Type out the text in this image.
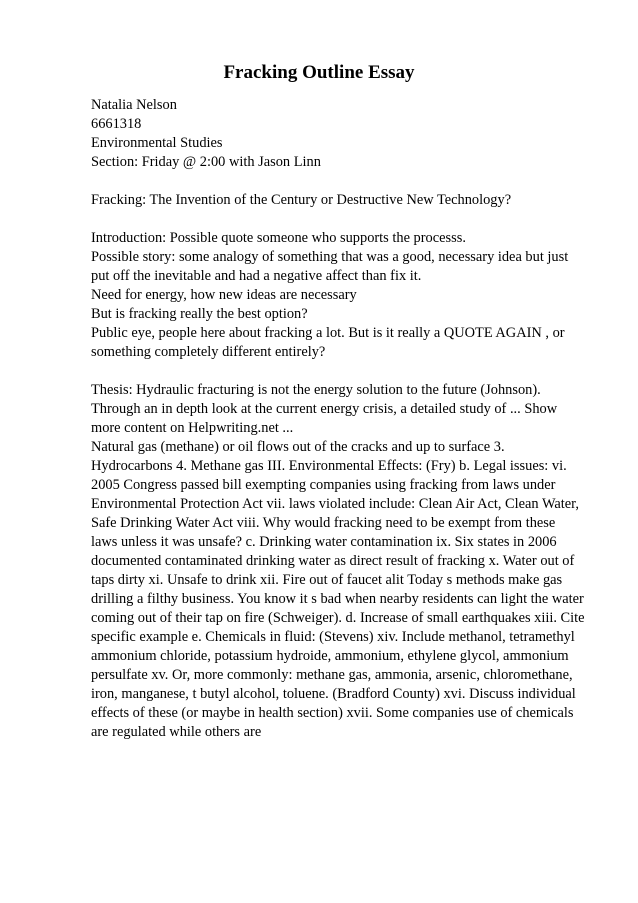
Fracking Outline Essay
Natalia Nelson
6661318
Environmental Studies
Section: Friday @ 2:00 with Jason Linn
Fracking: The Invention of the Century or Destructive New Technology?
Introduction: Possible quote someone who supports the processs.
Possible story: some analogy of something that was a good, necessary idea but just
put off the inevitable and had a negative affect than fix it.
Need for energy, how new ideas are necessary
But is fracking really the best option?
Public eye, people here about fracking a lot. But is it really a QUOTE AGAIN , or
something completely different entirely?
Thesis: Hydraulic fracturing is not the energy solution to the future (Johnson).
Through an in depth look at the current energy crisis, a detailed study of ... Show
more content on Helpwriting.net ...
Natural gas (methane) or oil flows out of the cracks and up to surface 3.
Hydrocarbons 4. Methane gas III. Environmental Effects: (Fry) b. Legal issues: vi.
2005 Congress passed bill exempting companies using fracking from laws under
Environmental Protection Act vii. laws violated include: Clean Air Act, Clean Water,
Safe Drinking Water Act viii. Why would fracking need to be exempt from these
laws unless it was unsafe? c. Drinking water contamination ix. Six states in 2006
documented contaminated drinking water as direct result of fracking x. Water out of
taps dirty xi. Unsafe to drink xii. Fire out of faucet alit Today s methods make gas
drilling a filthy business. You know it s bad when nearby residents can light the water
coming out of their tap on fire (Schweiger). d. Increase of small earthquakes xiii. Cite
specific example e. Chemicals in fluid: (Stevens) xiv. Include methanol, tetramethyl
ammonium chloride, potassium hydroide, ammonium, ethylene glycol, ammonium
persulfate xv. Or, more commonly: methane gas, ammonia, arsenic, chloromethane,
iron, manganese, t butyl alcohol, toluene. (Bradford County) xvi. Discuss individual
effects of these (or maybe in health section) xvii. Some companies use of chemicals
are regulated while others are
